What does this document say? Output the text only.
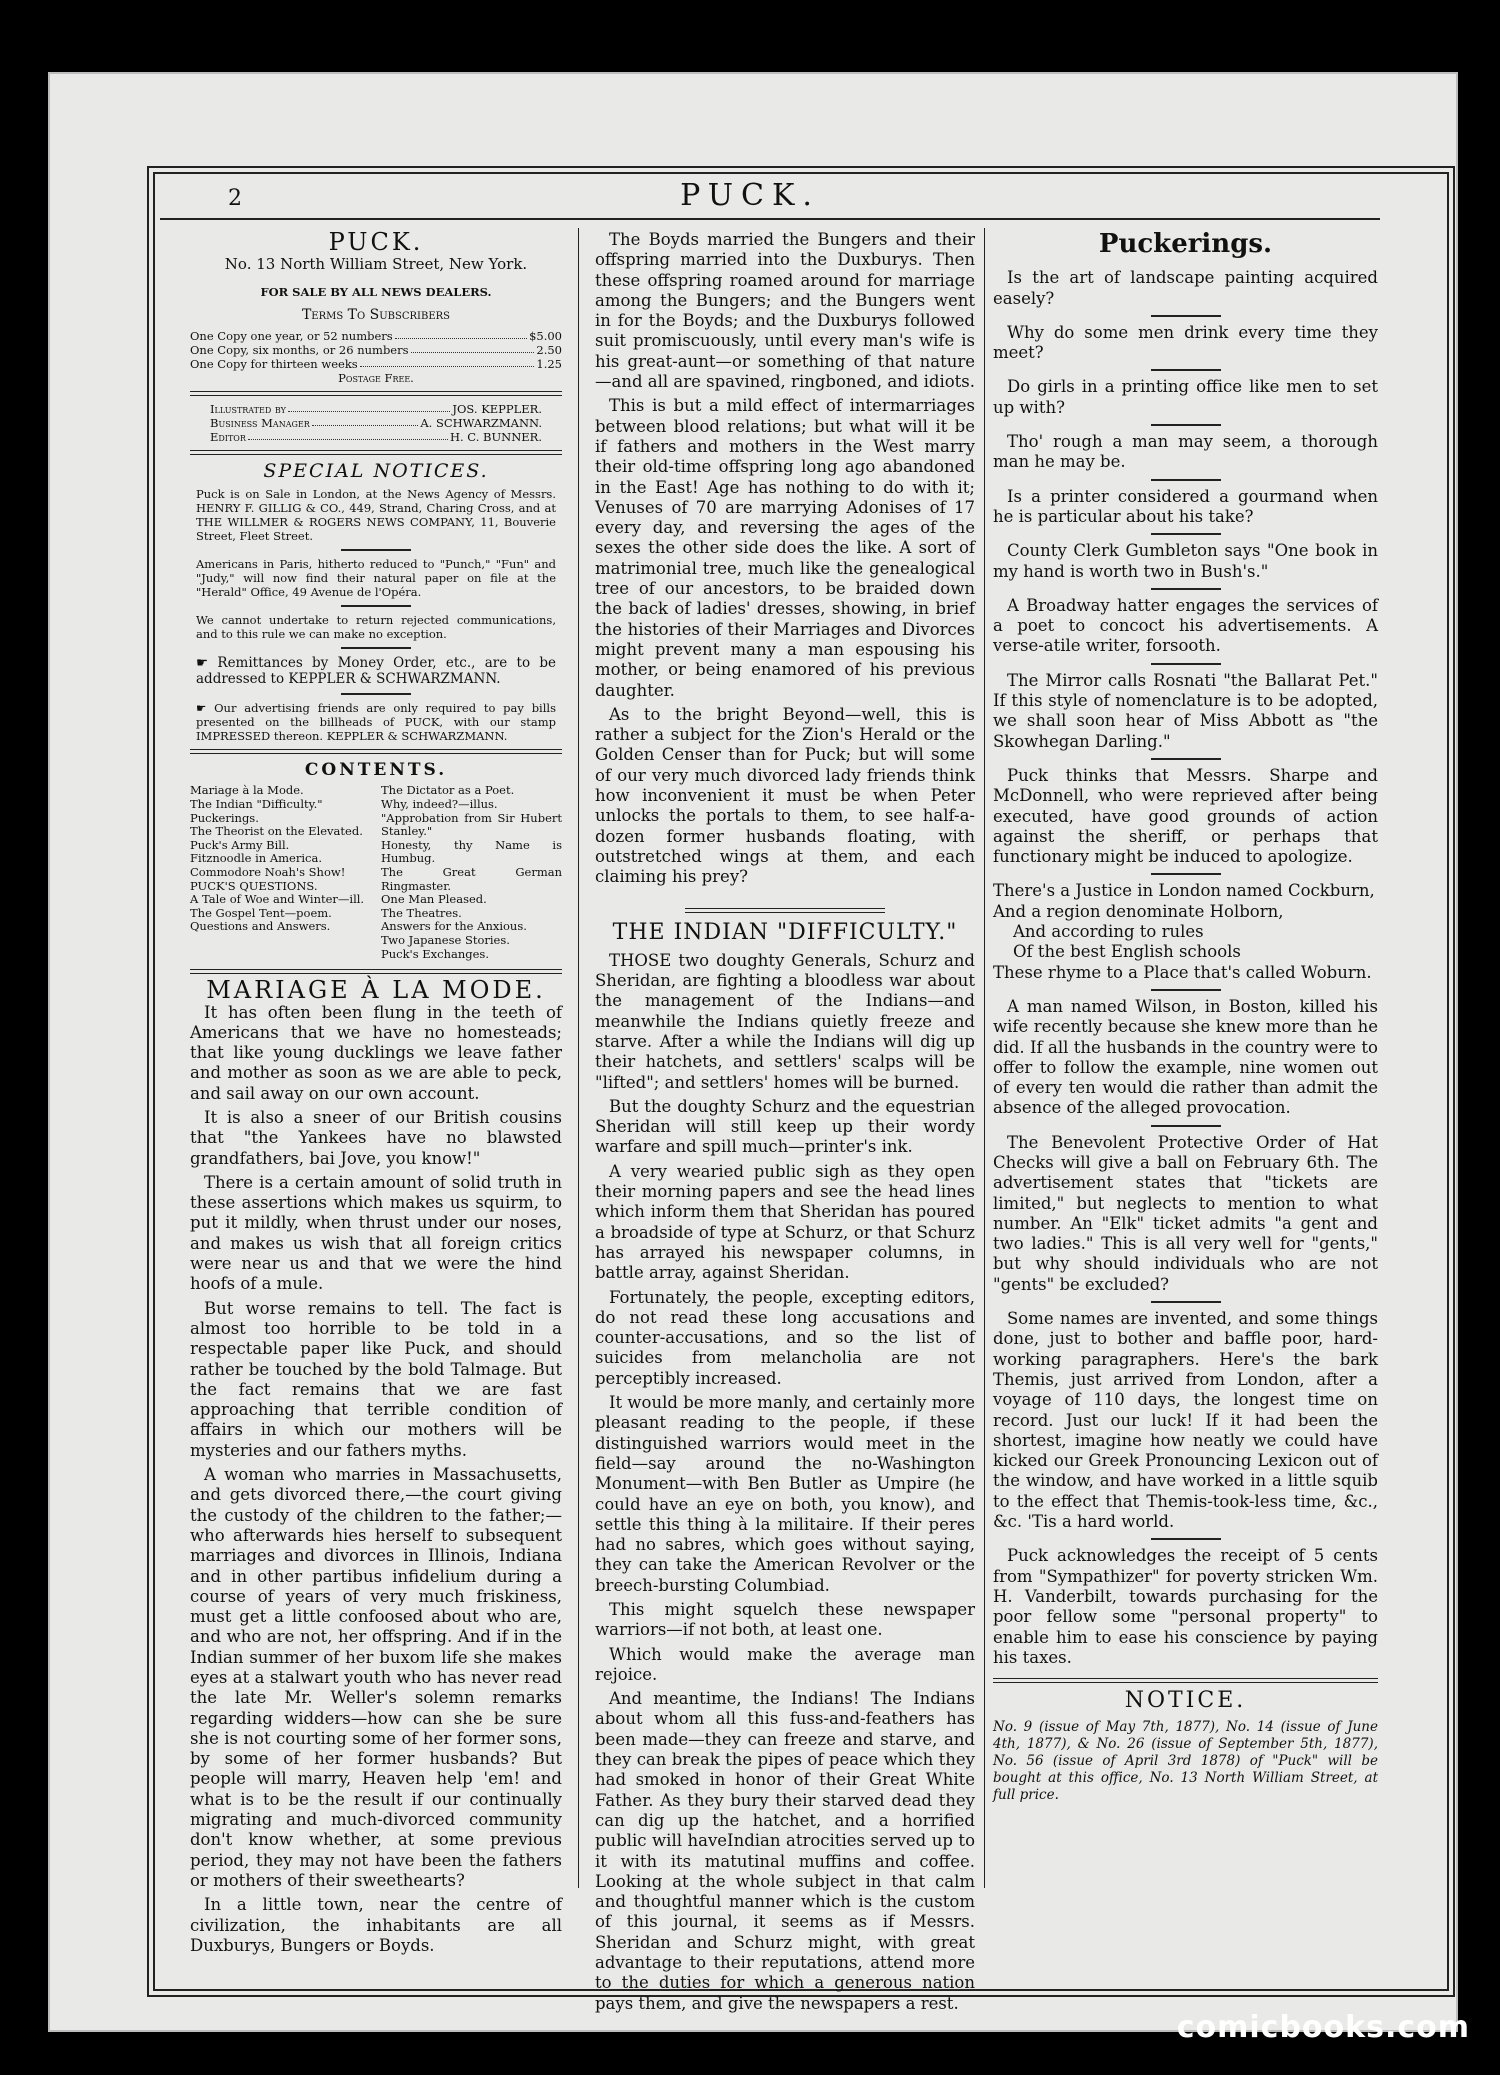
2	PUCK.
PUCK.
No. 13 North William Street, New York.
FOR SALE BY ALL NEWS DEALERS.
Terms To Subscribers
One Copy one year, or 52 numbers	$5.00
One Copy, six months, or 26 numbers	2.50
One Copy for thirteen weeks	1.25
Postage Free.
Illustrated by	JOS. KEPPLER.
Business Manager	A. SCHWARZMANN.
Editor	H. C. BUNNER.
SPECIAL NOTICES.
Puck is on Sale in London, at the News Agency of Messrs. HENRY F. GILLIG & CO., 449, Strand, Charing Cross, and at THE WILLMER & ROGERS NEWS COMPANY, 11, Bouverie Street, Fleet Street.
Americans in Paris, hitherto reduced to "Punch," "Fun" and "Judy," will now find their natural paper on file at the "Herald" Office, 49 Avenue de l'Opéra.
We cannot undertake to return rejected communications, and to this rule we can make no exception.
☛ Remittances by Money Order, etc., are to be addressed to KEPPLER & SCHWARZMANN.
☛ Our advertising friends are only required to pay bills presented on the billheads of PUCK, with our stamp IMPRESSED thereon. KEPPLER & SCHWARZMANN.
CONTENTS.
Mariage à la Mode.
The Indian "Difficulty."
Puckerings.
The Theorist on the Elevated.
Puck's Army Bill.
Fitznoodle in America.
Commodore Noah's Show!
PUCK'S QUESTIONS.
A Tale of Woe and Winter—ill.
The Gospel Tent—poem.
Questions and Answers.
The Dictator as a Poet.
Why, indeed?—illus.
"Approbation from Sir Hubert Stanley."
Honesty, thy Name is Humbug.
The Great German Ringmaster.
One Man Pleased.
The Theatres.
Answers for the Anxious.
Two Japanese Stories.
Puck's Exchanges.
MARIAGE À LA MODE.

It has often been flung in the teeth of Americans that we have no homesteads; that like young ducklings we leave father and mother as soon as we are able to peck, and sail away on our own account.

It is also a sneer of our British cousins that "the Yankees have no blawsted grandfathers, bai Jove, you know!"

There is a certain amount of solid truth in these assertions which makes us squirm, to put it mildly, when thrust under our noses, and makes us wish that all foreign critics were near us and that we were the hind hoofs of a mule.

But worse remains to tell. The fact is almost too horrible to be told in a respectable paper like Puck, and should rather be touched by the bold Talmage. But the fact remains that we are fast approaching that terrible condition of affairs in which our mothers will be mysteries and our fathers myths.

A woman who marries in Massachusetts, and gets divorced there,—the court giving the custody of the children to the father;—who afterwards hies herself to subsequent marriages and divorces in Illinois, Indiana and in other partibus infidelium during a course of years of very much friskiness, must get a little confoosed about who are, and who are not, her offspring. And if in the Indian summer of her buxom life she makes eyes at a stalwart youth who has never read the late Mr. Weller's solemn remarks regarding widders—how can she be sure she is not courting some of her former sons, by some of her former husbands? But people will marry, Heaven help 'em! and what is to be the result if our continually migrating and much-divorced community don't know whether, at some previous period, they may not have been the fathers or mothers of their sweethearts?

In a little town, near the centre of civilization, the inhabitants are all Duxburys, Bungers or Boyds.

The Boyds married the Bungers and their offspring married into the Duxburys. Then these offspring roamed around for marriage among the Bungers; and the Bungers went in for the Boyds; and the Duxburys followed suit promiscuously, until every man's wife is his great-aunt—or something of that nature—and all are spavined, ringboned, and idiots.

This is but a mild effect of intermarriages between blood relations; but what will it be if fathers and mothers in the West marry their old-time offspring long ago abandoned in the East! Age has nothing to do with it; Venuses of 70 are marrying Adonises of 17 every day, and reversing the ages of the sexes the other side does the like. A sort of matrimonial tree, much like the genealogical tree of our ancestors, to be braided down the back of ladies' dresses, showing, in brief the histories of their Marriages and Divorces might prevent many a man espousing his mother, or being enamored of his previous daughter.

As to the bright Beyond—well, this is rather a subject for the Zion's Herald or the Golden Censer than for Puck; but will some of our very much divorced lady friends think how inconvenient it must be when Peter unlocks the portals to them, to see half-a-dozen former husbands floating, with outstretched wings at them, and each claiming his prey?

THE INDIAN "DIFFICULTY."

THOSE two doughty Generals, Schurz and Sheridan, are fighting a bloodless war about the management of the Indians—and meanwhile the Indians quietly freeze and starve. After a while the Indians will dig up their hatchets, and settlers' scalps will be "lifted"; and settlers' homes will be burned.

But the doughty Schurz and the equestrian Sheridan will still keep up their wordy warfare and spill much—printer's ink.

A very wearied public sigh as they open their morning papers and see the head lines which inform them that Sheridan has poured a broadside of type at Schurz, or that Schurz has arrayed his newspaper columns, in battle array, against Sheridan.

Fortunately, the people, excepting editors, do not read these long accusations and counter-accusations, and so the list of suicides from melancholia are not perceptibly increased.

It would be more manly, and certainly more pleasant reading to the people, if these distinguished warriors would meet in the field—say around the no-Washington Monument—with Ben Butler as Umpire (he could have an eye on both, you know), and settle this thing à la militaire. If their peres had no sabres, which goes without saying, they can take the American Revolver or the breech-bursting Columbiad.

This might squelch these newspaper warriors—if not both, at least one.

Which would make the average man rejoice.

And meantime, the Indians! The Indians about whom all this fuss-and-feathers has been made—they can freeze and starve, and they can break the pipes of peace which they had smoked in honor of their Great White Father. As they bury their starved dead they can dig up the hatchet, and a horrified public will haveIndian atrocities served up to it with its matutinal muffins and coffee. Looking at the whole subject in that calm and thoughtful manner which is the custom of this journal, it seems as if Messrs. Sheridan and Schurz might, with great advantage to their reputations, attend more to the duties for which a generous nation pays them, and give the newspapers a rest.

Puckerings.

Is the art of landscape painting acquired easely?

Why do some men drink every time they meet?

Do girls in a printing office like men to set up with?

Tho' rough a man may seem, a thorough man he may be.

Is a printer considered a gourmand when he is particular about his take?

County Clerk Gumbleton says "One book in my hand is worth two in Bush's."

A Broadway hatter engages the services of a poet to concoct his advertisements. A verse-atile writer, forsooth.

The Mirror calls Rosnati "the Ballarat Pet." If this style of nomenclature is to be adopted, we shall soon hear of Miss Abbott as "the Skowhegan Darling."

Puck thinks that Messrs. Sharpe and McDonnell, who were reprieved after being executed, have good grounds of action against the sheriff, or perhaps that functionary might be induced to apologize.

There's a Justice in London named Cockburn,
And a region denominate Holborn,
And according to rules
Of the best English schools
These rhyme to a Place that's called Woburn.

A man named Wilson, in Boston, killed his wife recently because she knew more than he did. If all the husbands in the country were to offer to follow the example, nine women out of every ten would die rather than admit the absence of the alleged provocation.

The Benevolent Protective Order of Hat Checks will give a ball on February 6th. The advertisement states that "tickets are limited," but neglects to mention to what number. An "Elk" ticket admits "a gent and two ladies." This is all very well for "gents," but why should individuals who are not "gents" be excluded?

Some names are invented, and some things done, just to bother and baffle poor, hard-working paragraphers. Here's the bark Themis, just arrived from London, after a voyage of 110 days, the longest time on record. Just our luck! If it had been the shortest, imagine how neatly we could have kicked our Greek Pronouncing Lexicon out of the window, and have worked in a little squib to the effect that Themis-took-less time, &c., &c. 'Tis a hard world.

Puck acknowledges the receipt of 5 cents from "Sympathizer" for poverty stricken Wm. H. Vanderbilt, towards purchasing for the poor fellow some "personal property" to enable him to ease his conscience by paying his taxes.

NOTICE.
No. 9 (issue of May 7th, 1877), No. 14 (issue of June 4th, 1877), & No. 26 (issue of September 5th, 1877), No. 56 (issue of April 3rd 1878) of "Puck" will be bought at this office, No. 13 North William Street, at full price.
comicbooks.com
